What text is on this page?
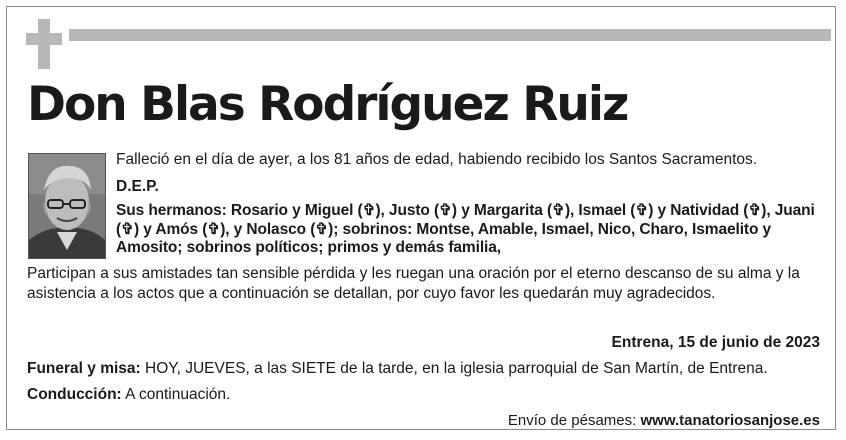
Don Blas Rodríguez Ruiz
Falleció en el día de ayer, a los 81 años de edad, habiendo recibido los Santos Sacramentos.
D.E.P.
Sus hermanos: Rosario y Miguel (✞), Justo (✞) y Margarita (✞), Ismael (✞) y Natividad (✞), Juani (✞) y Amós (✞), y Nolasco (✞); sobrinos: Montse, Amable, Ismael, Nico, Charo, Ismaelito y Amosito; sobrinos políticos; primos y demás familia,
Participan a sus amistades tan sensible pérdida y les ruegan una oración por el eterno descanso de su alma y la asistencia a los actos que a continuación se detallan, por cuyo favor les quedarán muy agradecidos.
Entrena, 15 de junio de 2023
Funeral y misa: HOY, JUEVES, a las SIETE de la tarde, en la iglesia parroquial de San Martín, de Entrena.
Conducción: A continuación.
Envío de pésames: www.tanatoriosanjose.es
